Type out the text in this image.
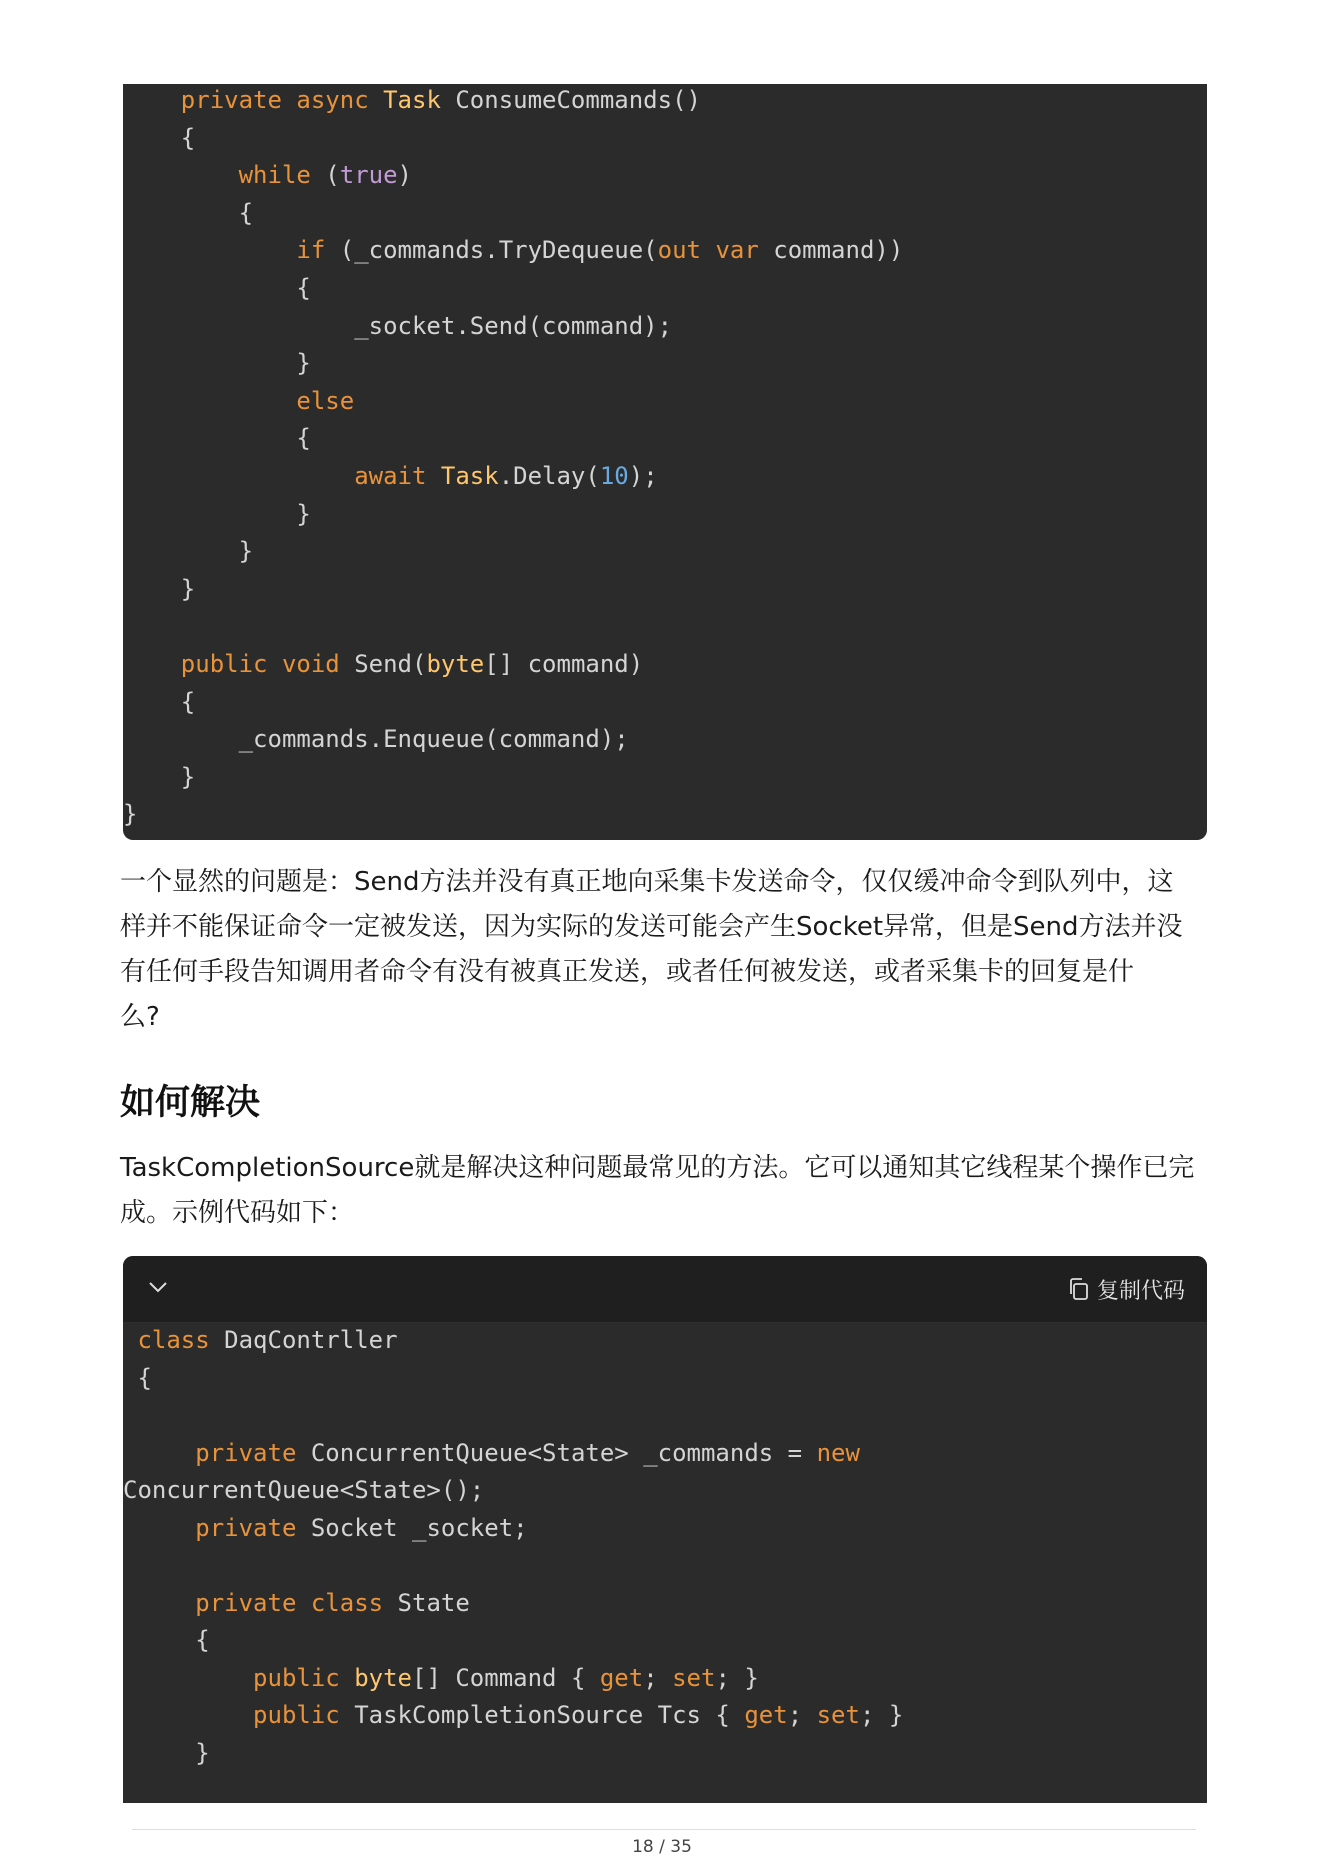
private async Task ConsumeCommands()
{
while (true)
{
if (_commands.TryDequeue(out var command))
{
_socket.Send(command);
}
else
{
await Task.Delay(10);
}
}
}
public void Send(byte[] command)
{
_commands.Enqueue(command);
}
}

一个显然的问题是：Send方法并没有真正地向采集卡发送命令，仅仅缓冲命令到队列中，这
样并不能保证命令一定被发送，因为实际的发送可能会产生Socket异常，但是Send方法并没
有任何手段告知调用者命令有没有被真正发送，或者任何被发送，或者采集卡的回复是什
么?

如何解决

TaskCompletionSource就是解决这种问题最常见的方法。它可以通知其它线程某个操作已完
成。示例代码如下：

复制代码
class DaqContrller
{
private ConcurrentQueue<State> _commands = new
ConcurrentQueue<State>();
private Socket _socket;
private class State
{
public byte[] Command { get; set; }
public TaskCompletionSource Tcs { get; set; }
}
18 / 35
